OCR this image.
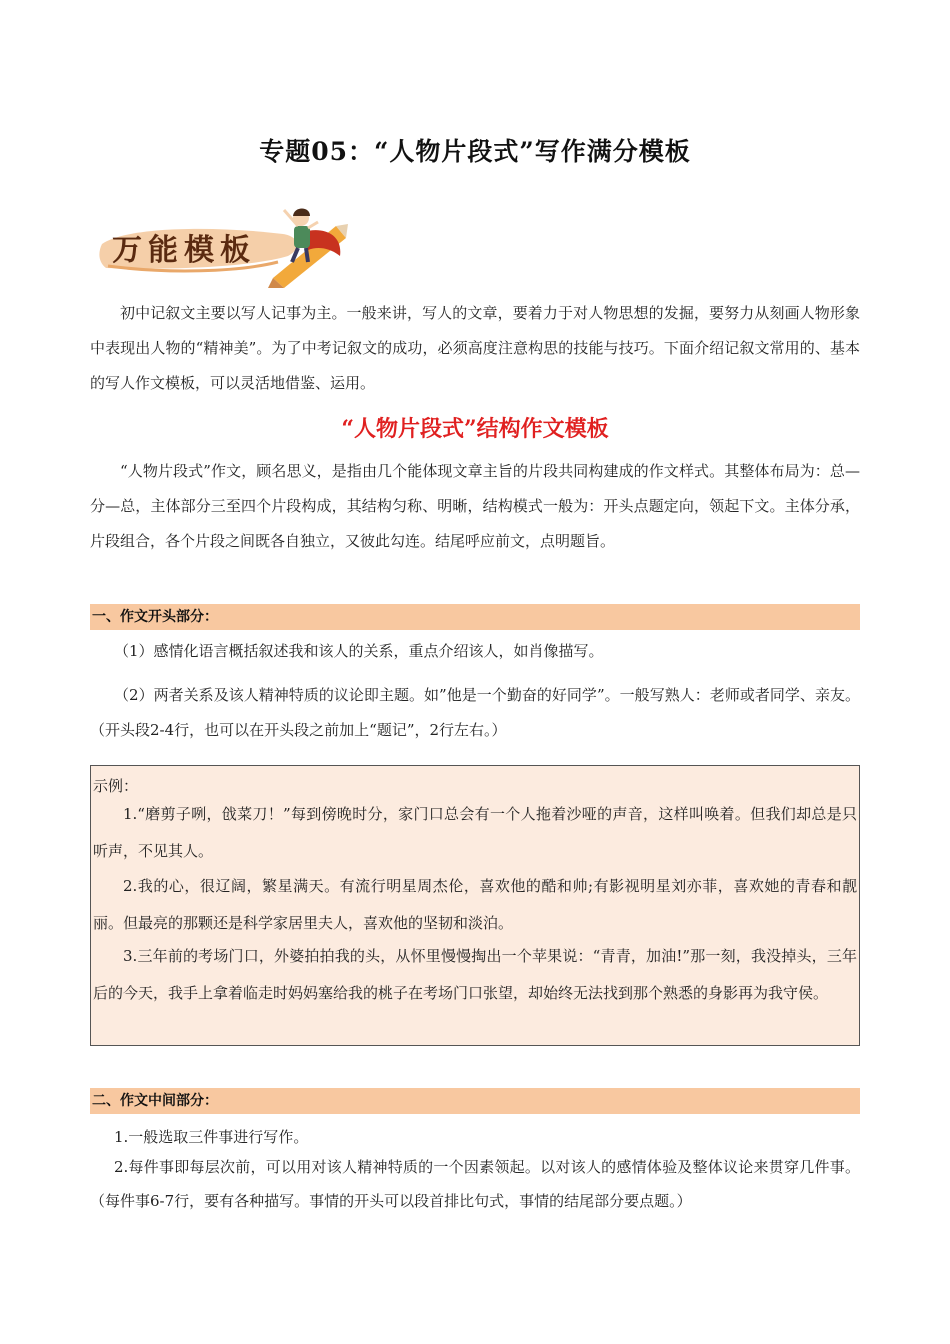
专题05：“人物片段式”写作满分模板
万能模板

初中记叙文主要以写人记事为主。一般来讲，写人的文章，要着力于对人物思想的发掘，要努力从刻画人物形象中表现出人物的“精神美”。为了中考记叙文的成功，必须高度注意构思的技能与技巧。下面介绍记叙文常用的、基本的写人作文模板，可以灵活地借鉴、运用。

“人物片段式”结构作文模板

“人物片段式”作文，顾名思义，是指由几个能体现文章主旨的片段共同构建成的作文样式。其整体布局为：总—分—总，主体部分三至四个片段构成，其结构匀称、明晰，结构模式一般为：开头点题定向，领起下文。主体分承，片段组合，各个片段之间既各自独立，又彼此勾连。结尾呼应前文，点明题旨。

一、作文开头部分：

（1）感情化语言概括叙述我和该人的关系，重点介绍该人，如肖像描写。

（2）两者关系及该人精神特质的议论即主题。如”他是一个勤奋的好同学”。一般写熟人：老师或者同学、亲友。（开头段2-4行，也可以在开头段之前加上“题记”，2行左右。）

示例：

1.“磨剪子咧，戗菜刀！”每到傍晚时分，家门口总会有一个人拖着沙哑的声音，这样叫唤着。但我们却总是只听声，不见其人。

2.我的心，很辽阔，繁星满天。有流行明星周杰伦，喜欢他的酷和帅;有影视明星刘亦菲，喜欢她的青春和靓丽。但最亮的那颗还是科学家居里夫人，喜欢他的坚韧和淡泊。

3.三年前的考场门口，外婆拍拍我的头，从怀里慢慢掏出一个苹果说：“青青，加油!”那一刻，我没掉头，三年后的今天，我手上拿着临走时妈妈塞给我的桃子在考场门口张望，却始终无法找到那个熟悉的身影再为我守侯。

二、作文中间部分：

1.一般选取三件事进行写作。

2.每件事即每层次前，可以用对该人精神特质的一个因素领起。以对该人的感情体验及整体议论来贯穿几件事。（每件事6-7行，要有各种描写。事情的开头可以段首排比句式，事情的结尾部分要点题。）
